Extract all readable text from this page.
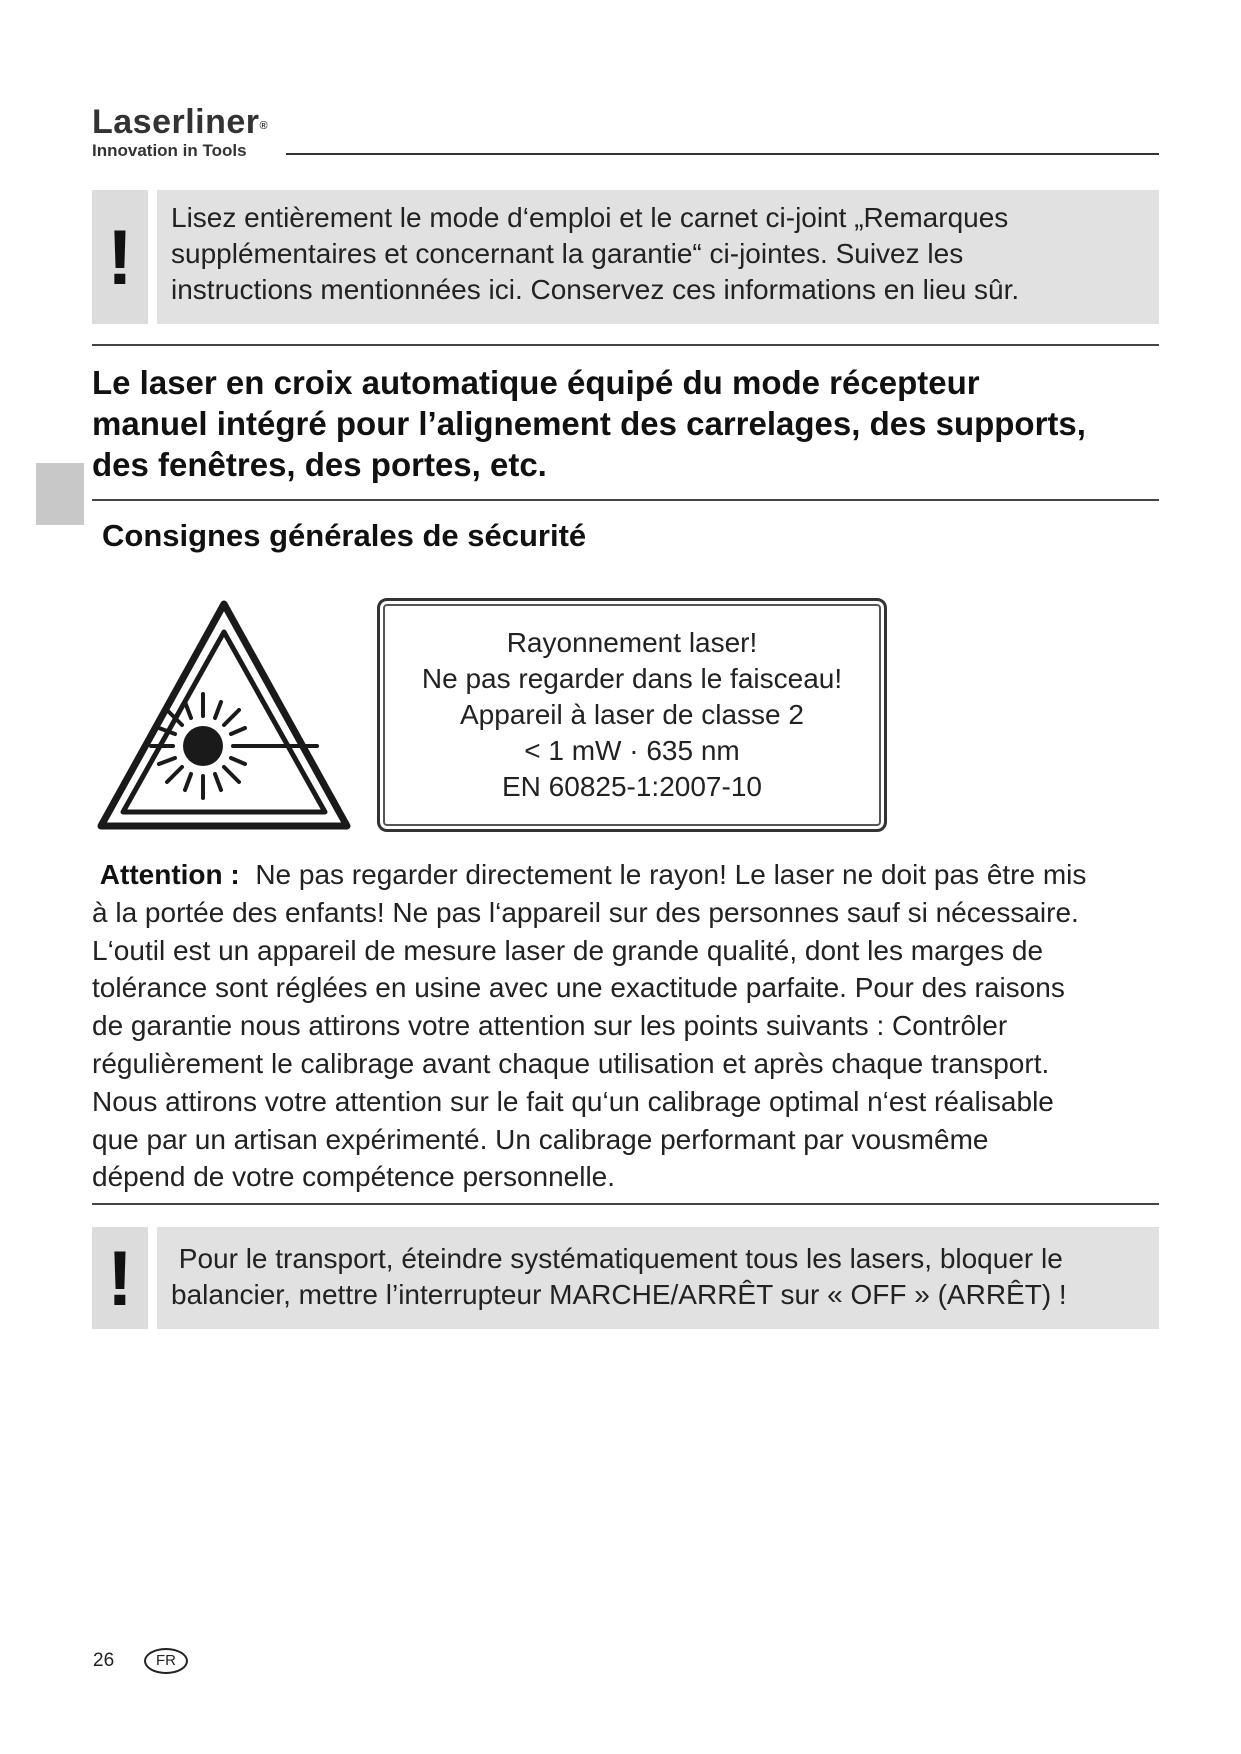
Laserliner®
Innovation in Tools
! Lisez entièrement le mode d‘emploi et le carnet ci-joint „Remarques
supplémentaires et concernant la garantie“ ci-jointes. Suivez les
instructions mentionnées ici. Conservez ces informations en lieu sûr.
Le laser en croix automatique équipé du mode récepteur
manuel intégré pour l’alignement des carrelages, des supports,
des fenêtres, des portes, etc.
Consignes générales de sécurité
Rayonnement laser!
Ne pas regarder dans le faisceau!
Appareil à laser de classe 2
< 1 mW · 635 nm
EN 60825-1:2007-10
Attention : Ne pas regarder directement le rayon! Le laser ne doit pas être mis
à la portée des enfants! Ne pas l‘appareil sur des personnes sauf si nécessaire.
L‘outil est un appareil de mesure laser de grande qualité, dont les marges de
tolérance sont réglées en usine avec une exactitude parfaite. Pour des raisons
de garantie nous attirons votre attention sur les points suivants : Contrôler
régulièrement le calibrage avant chaque utilisation et après chaque transport.
Nous attirons votre attention sur le fait qu‘un calibrage optimal n‘est réalisable
que par un artisan expérimenté. Un calibrage performant par vousmême
dépend de votre compétence personnelle.
! Pour le transport, éteindre systématiquement tous les lasers, bloquer le
balancier, mettre l’interrupteur MARCHE/ARRÊT sur « OFF » (ARRÊT) !
26	FR
